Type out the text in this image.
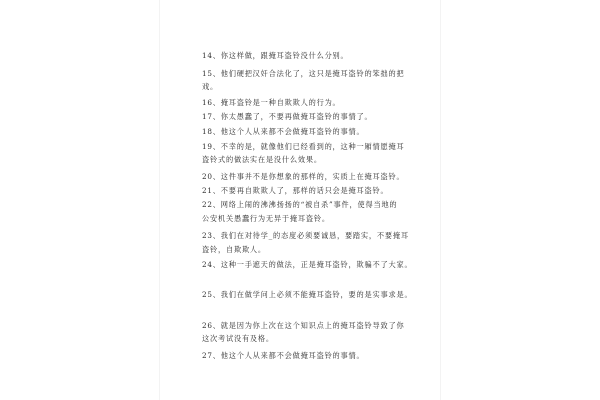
14、你这样做，跟掩耳盗铃没什么分别。
15、他们硬把汉奸合法化了，这只是掩耳盗铃的笨拙的把
戏。
16、掩耳盗铃是一种自欺欺人的行为。
17、你太愚蠢了，不要再做掩耳盗铃的事情了。
18、他这个人从来都不会做掩耳盗铃的事情。
19、不幸的是，就像他们已经看到的，这种一厢情愿掩耳
盗铃式的做法实在是没什么效果。
20、这件事并不是你想象的那样的，实质上在掩耳盗铃。
21、不要再自欺欺人了，那样的话只会是掩耳盗铃。
22、网络上闹的沸沸扬扬的“被自杀”事件，使得当地的
公安机关愚蠢行为无异于掩耳盗铃。
23、我们在对待学_的态度必须要诚恳，要踏实，不要掩耳
盗铃，自欺欺人。
24、这种一手遮天的做法，正是掩耳盗铃，欺骗不了大家。
25、我们在做学问上必须不能掩耳盗铃，要的是实事求是。
26、就是因为你上次在这个知识点上的掩耳盗铃导致了你
这次考试没有及格。
27、他这个人从来都不会做掩耳盗铃的事情。
